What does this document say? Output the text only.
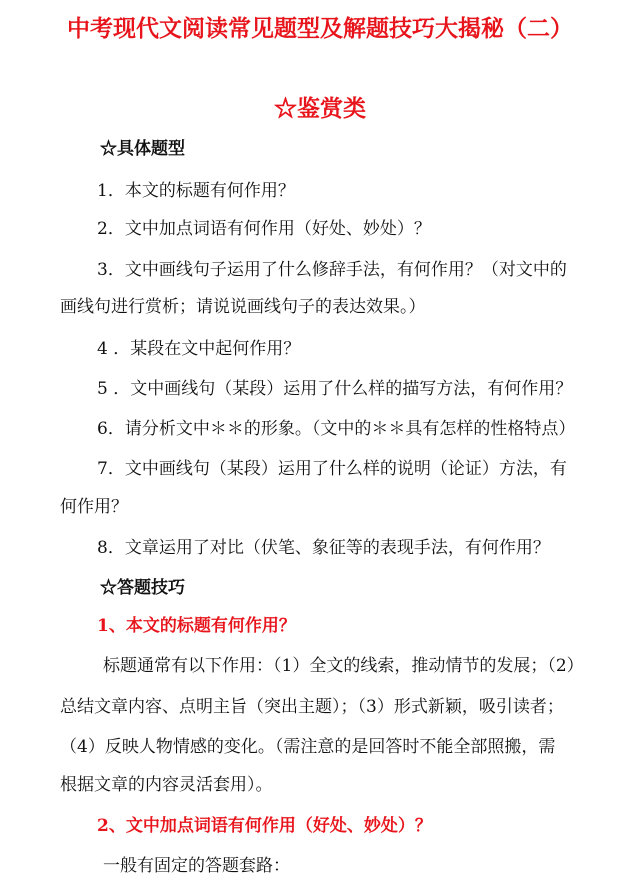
中考现代文阅读常见题型及解题技巧大揭秘（二）
☆鉴赏类
☆具体题型
1．本文的标题有何作用？
2．文中加点词语有何作用（好处、妙处）？
3．文中画线句子运用了什么修辞手法，有何作用？（对文中的
画线句进行赏析；请说说画线句子的表达效果。）
4 ．某段在文中起何作用？
5 ．文中画线句（某段）运用了什么样的描写方法，有何作用？
6．请分析文中＊＊的形象。（文中的＊＊具有怎样的性格特点）
7．文中画线句（某段）运用了什么样的说明（论证）方法，有
何作用？
8．文章运用了对比（伏笔、象征等的表现手法，有何作用？
☆答题技巧
1、本文的标题有何作用？
标题通常有以下作用：（1）全文的线索，推动情节的发展；（2）
总结文章内容、点明主旨（突出主题）；（3）形式新颖，吸引读者；
（4）反映人物情感的变化。（需注意的是回答时不能全部照搬，需
根据文章的内容灵活套用）。
2、文中加点词语有何作用（好处、妙处）？
一般有固定的答题套路：
